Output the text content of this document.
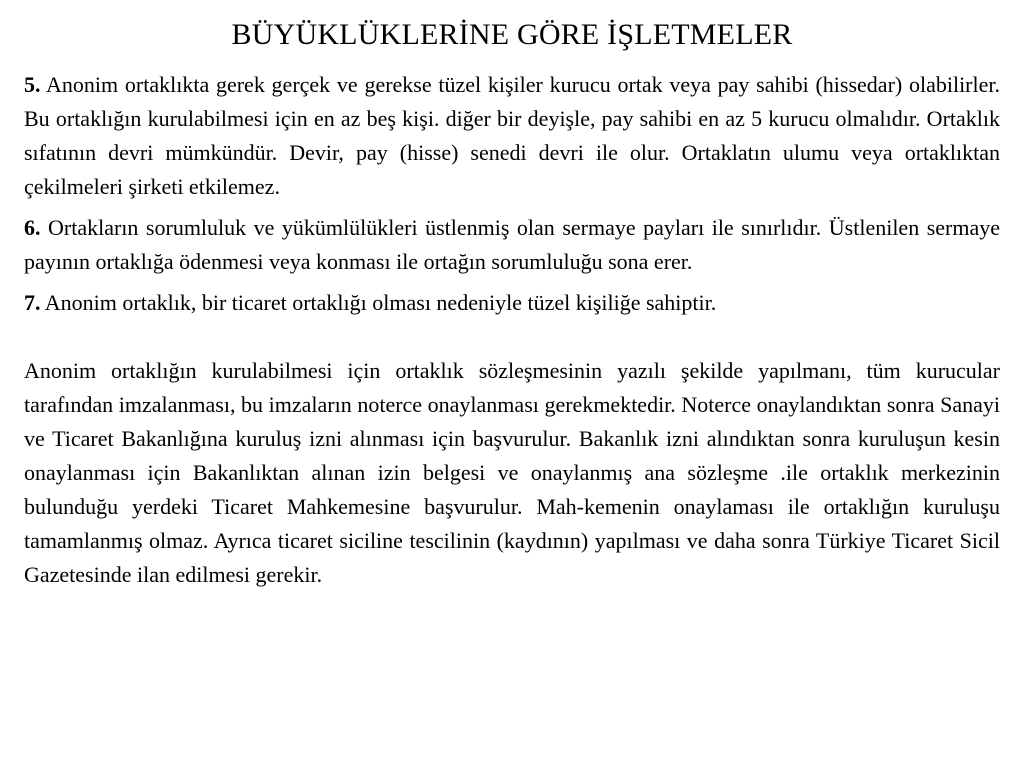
BÜYÜKLÜKLERİNE GÖRE İŞLETMELER

5. Anonim ortaklıkta gerek gerçek ve gerekse tüzel kişiler kurucu ortak veya pay sahibi (hissedar) olabilirler. Bu ortaklığın kurulabilmesi için en az beş kişi. diğer bir deyişle, pay sahibi en az 5 kurucu olmalıdır. Ortaklık sıfatının devri mümkündür. Devir, pay (hisse) senedi devri ile olur. Ortaklatın ulumu veya ortaklıktan çekilmeleri şirketi etkilemez.

6. Ortakların sorumluluk ve yükümlülükleri üstlenmiş olan sermaye payları ile sınırlıdır. Üstlenilen sermaye payının ortaklığa ödenmesi veya konması ile ortağın sorumluluğu sona erer.

7. Anonim ortaklık, bir ticaret ortaklığı olması nedeniyle tüzel kişiliğe sahiptir.

Anonim ortaklığın kurulabilmesi için ortaklık sözleşmesinin yazılı şekilde yapılmanı, tüm kurucular tarafından imzalanması, bu imzaların noterce onaylanması gerekmektedir. Noterce onaylandıktan sonra Sanayi ve Ticaret Bakanlığına kuruluş izni alınması için başvurulur. Bakanlık izni alındıktan sonra kuruluşun kesin onaylanması için Bakanlıktan alınan izin belgesi ve onaylanmış ana sözleşme .ile ortaklık merkezinin bulunduğu yerdeki Ticaret Mahkemesine başvurulur. Mah-kemenin onaylaması ile ortaklığın kuruluşu tamamlanmış olmaz. Ayrıca ticaret siciline tescilinin (kaydının) yapılması ve daha sonra Türkiye Ticaret Sicil Gazetesinde ilan edilmesi gerekir.
